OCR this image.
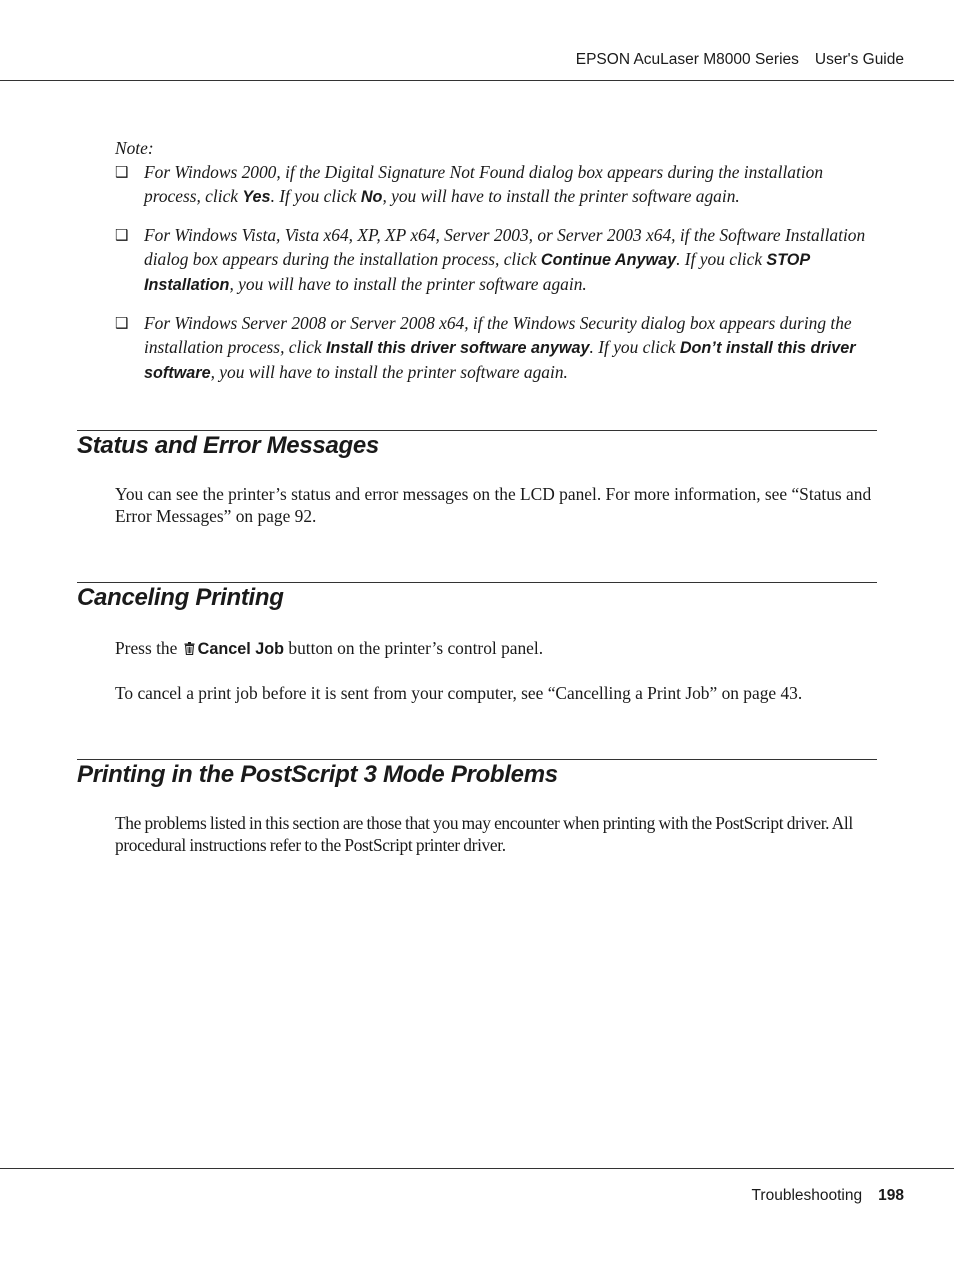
EPSON AcuLaser M8000 Series User's Guide
Note:
❑ For Windows 2000, if the Digital Signature Not Found dialog box appears during the installation process, click Yes. If you click No, you will have to install the printer software again.
❑ For Windows Vista, Vista x64, XP, XP x64, Server 2003, or Server 2003 x64, if the Software Installation dialog box appears during the installation process, click Continue Anyway. If you click STOP Installation, you will have to install the printer software again.
❑ For Windows Server 2008 or Server 2008 x64, if the Windows Security dialog box appears during the installation process, click Install this driver software anyway. If you click Don’t install this driver software, you will have to install the printer software again.
Status and Error Messages
You can see the printer’s status and error messages on the LCD panel. For more information, see “Status and Error Messages” on page 92.
Canceling Printing
Press the Cancel Job button on the printer’s control panel.
To cancel a print job before it is sent from your computer, see “Cancelling a Print Job” on page 43.
Printing in the PostScript 3 Mode Problems
The problems listed in this section are those that you may encounter when printing with the PostScript driver. All procedural instructions refer to the PostScript printer driver.
Troubleshooting 198
